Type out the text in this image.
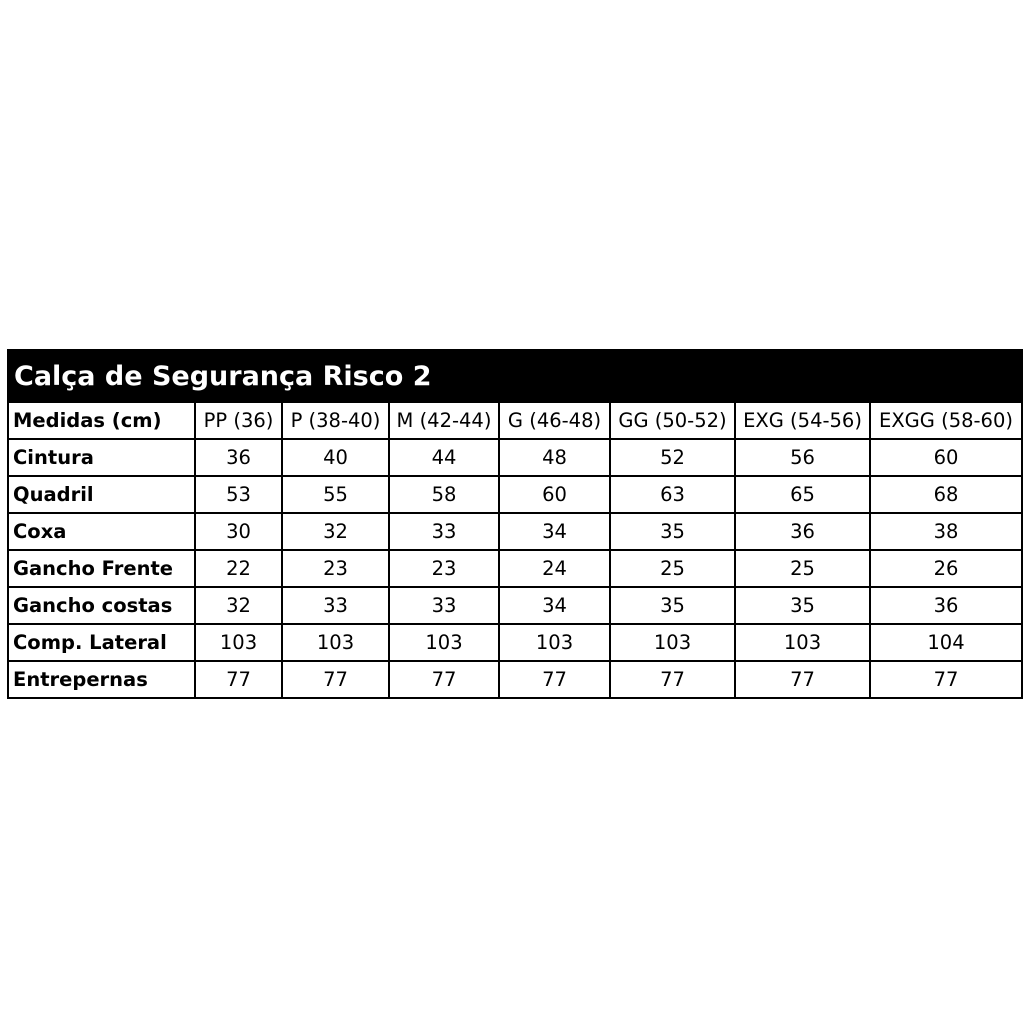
Calça de Segurança Risco 2							
Medidas (cm)	PP (36)	P (38-40)	M (42-44)	G (46-48)	GG (50-52)	EXG (54-56)	EXGG (58-60)
Cintura	36	40	44	48	52	56	60
Quadril	53	55	58	60	63	65	68
Coxa	30	32	33	34	35	36	38
Gancho Frente	22	23	23	24	25	25	26
Gancho costas	32	33	33	34	35	35	36
Comp. Lateral	103	103	103	103	103	103	104
Entrepernas	77	77	77	77	77	77	77
